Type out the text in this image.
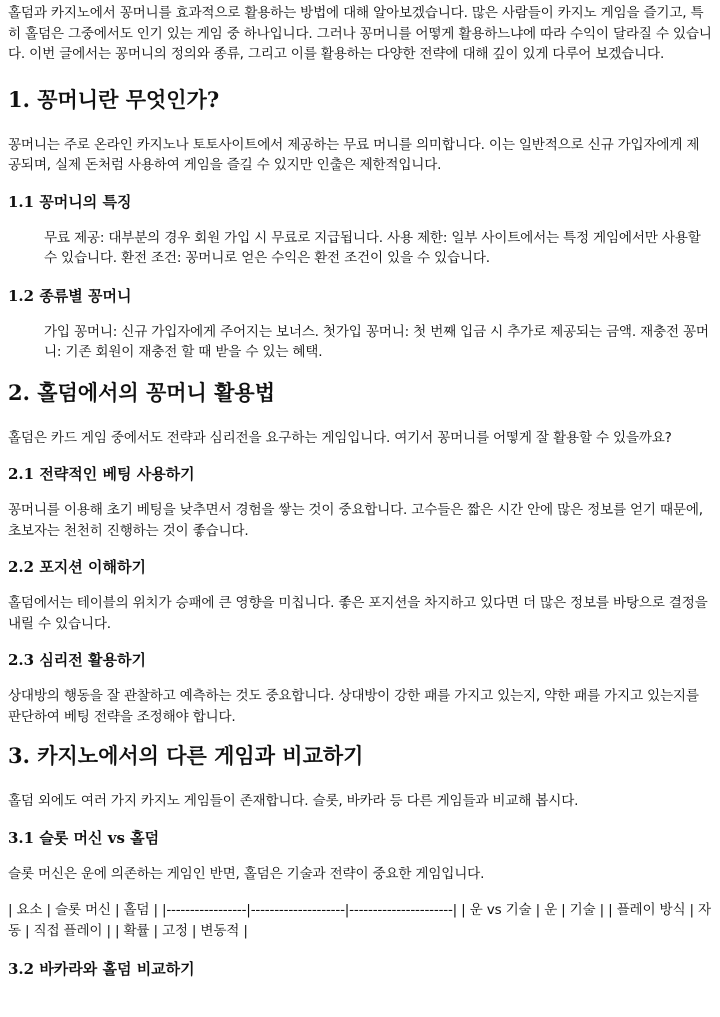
홀덤과 카지노에서 꽁머니를 효과적으로 활용하는 방법에 대해 알아보겠습니다. 많은 사람들이 카지노 게임을 즐기고, 특히 홀덤은 그중에서도 인기 있는 게임 중 하나입니다. 그러나 꽁머니를 어떻게 활용하느냐에 따라 수익이 달라질 수 있습니다. 이번 글에서는 꽁머니의 정의와 종류, 그리고 이를 활용하는 다양한 전략에 대해 깊이 있게 다루어 보겠습니다.

1. 꽁머니란 무엇인가?

꽁머니는 주로 온라인 카지노나 토토사이트에서 제공하는 무료 머니를 의미합니다. 이는 일반적으로 신규 가입자에게 제공되며, 실제 돈처럼 사용하여 게임을 즐길 수 있지만 인출은 제한적입니다.

1.1 꽁머니의 특징
무료 제공: 대부분의 경우 회원 가입 시 무료로 지급됩니다. 사용 제한: 일부 사이트에서는 특정 게임에서만 사용할 수 있습니다. 환전 조건: 꽁머니로 얻은 수익은 환전 조건이 있을 수 있습니다.
1.2 종류별 꽁머니
가입 꽁머니: 신규 가입자에게 주어지는 보너스. 첫가입 꽁머니: 첫 번째 입금 시 추가로 제공되는 금액. 재충전 꽁머니: 기존 회원이 재충전 할 때 받을 수 있는 혜택.
2. 홀덤에서의 꽁머니 활용법

홀덤은 카드 게임 중에서도 전략과 심리전을 요구하는 게임입니다. 여기서 꽁머니를 어떻게 잘 활용할 수 있을까요?

2.1 전략적인 베팅 사용하기

꽁머니를 이용해 초기 베팅을 낮추면서 경험을 쌓는 것이 중요합니다. 고수들은 짧은 시간 안에 많은 정보를 얻기 때문에, 초보자는 천천히 진행하는 것이 좋습니다.

2.2 포지션 이해하기

홀덤에서는 테이블의 위치가 승패에 큰 영향을 미칩니다. 좋은 포지션을 차지하고 있다면 더 많은 정보를 바탕으로 결정을 내릴 수 있습니다.

2.3 심리전 활용하기

상대방의 행동을 잘 관찰하고 예측하는 것도 중요합니다. 상대방이 강한 패를 가지고 있는지, 약한 패를 가지고 있는지를 판단하여 베팅 전략을 조정해야 합니다.

3. 카지노에서의 다른 게임과 비교하기

홀덤 외에도 여러 가지 카지노 게임들이 존재합니다. 슬롯, 바카라 등 다른 게임들과 비교해 봅시다.

3.1 슬롯 머신 vs 홀덤

슬롯 머신은 운에 의존하는 게임인 반면, 홀덤은 기술과 전략이 중요한 게임입니다.

| 요소 | 슬롯 머신 | 홀덤 | |-----------------|--------------------|----------------------| | 운 vs 기술 | 운 | 기술 | | 플레이 방식 | 자동 | 직접 플레이 | | 확률 | 고정 | 변동적 |

3.2 바카라와 홀덤 비교하기
